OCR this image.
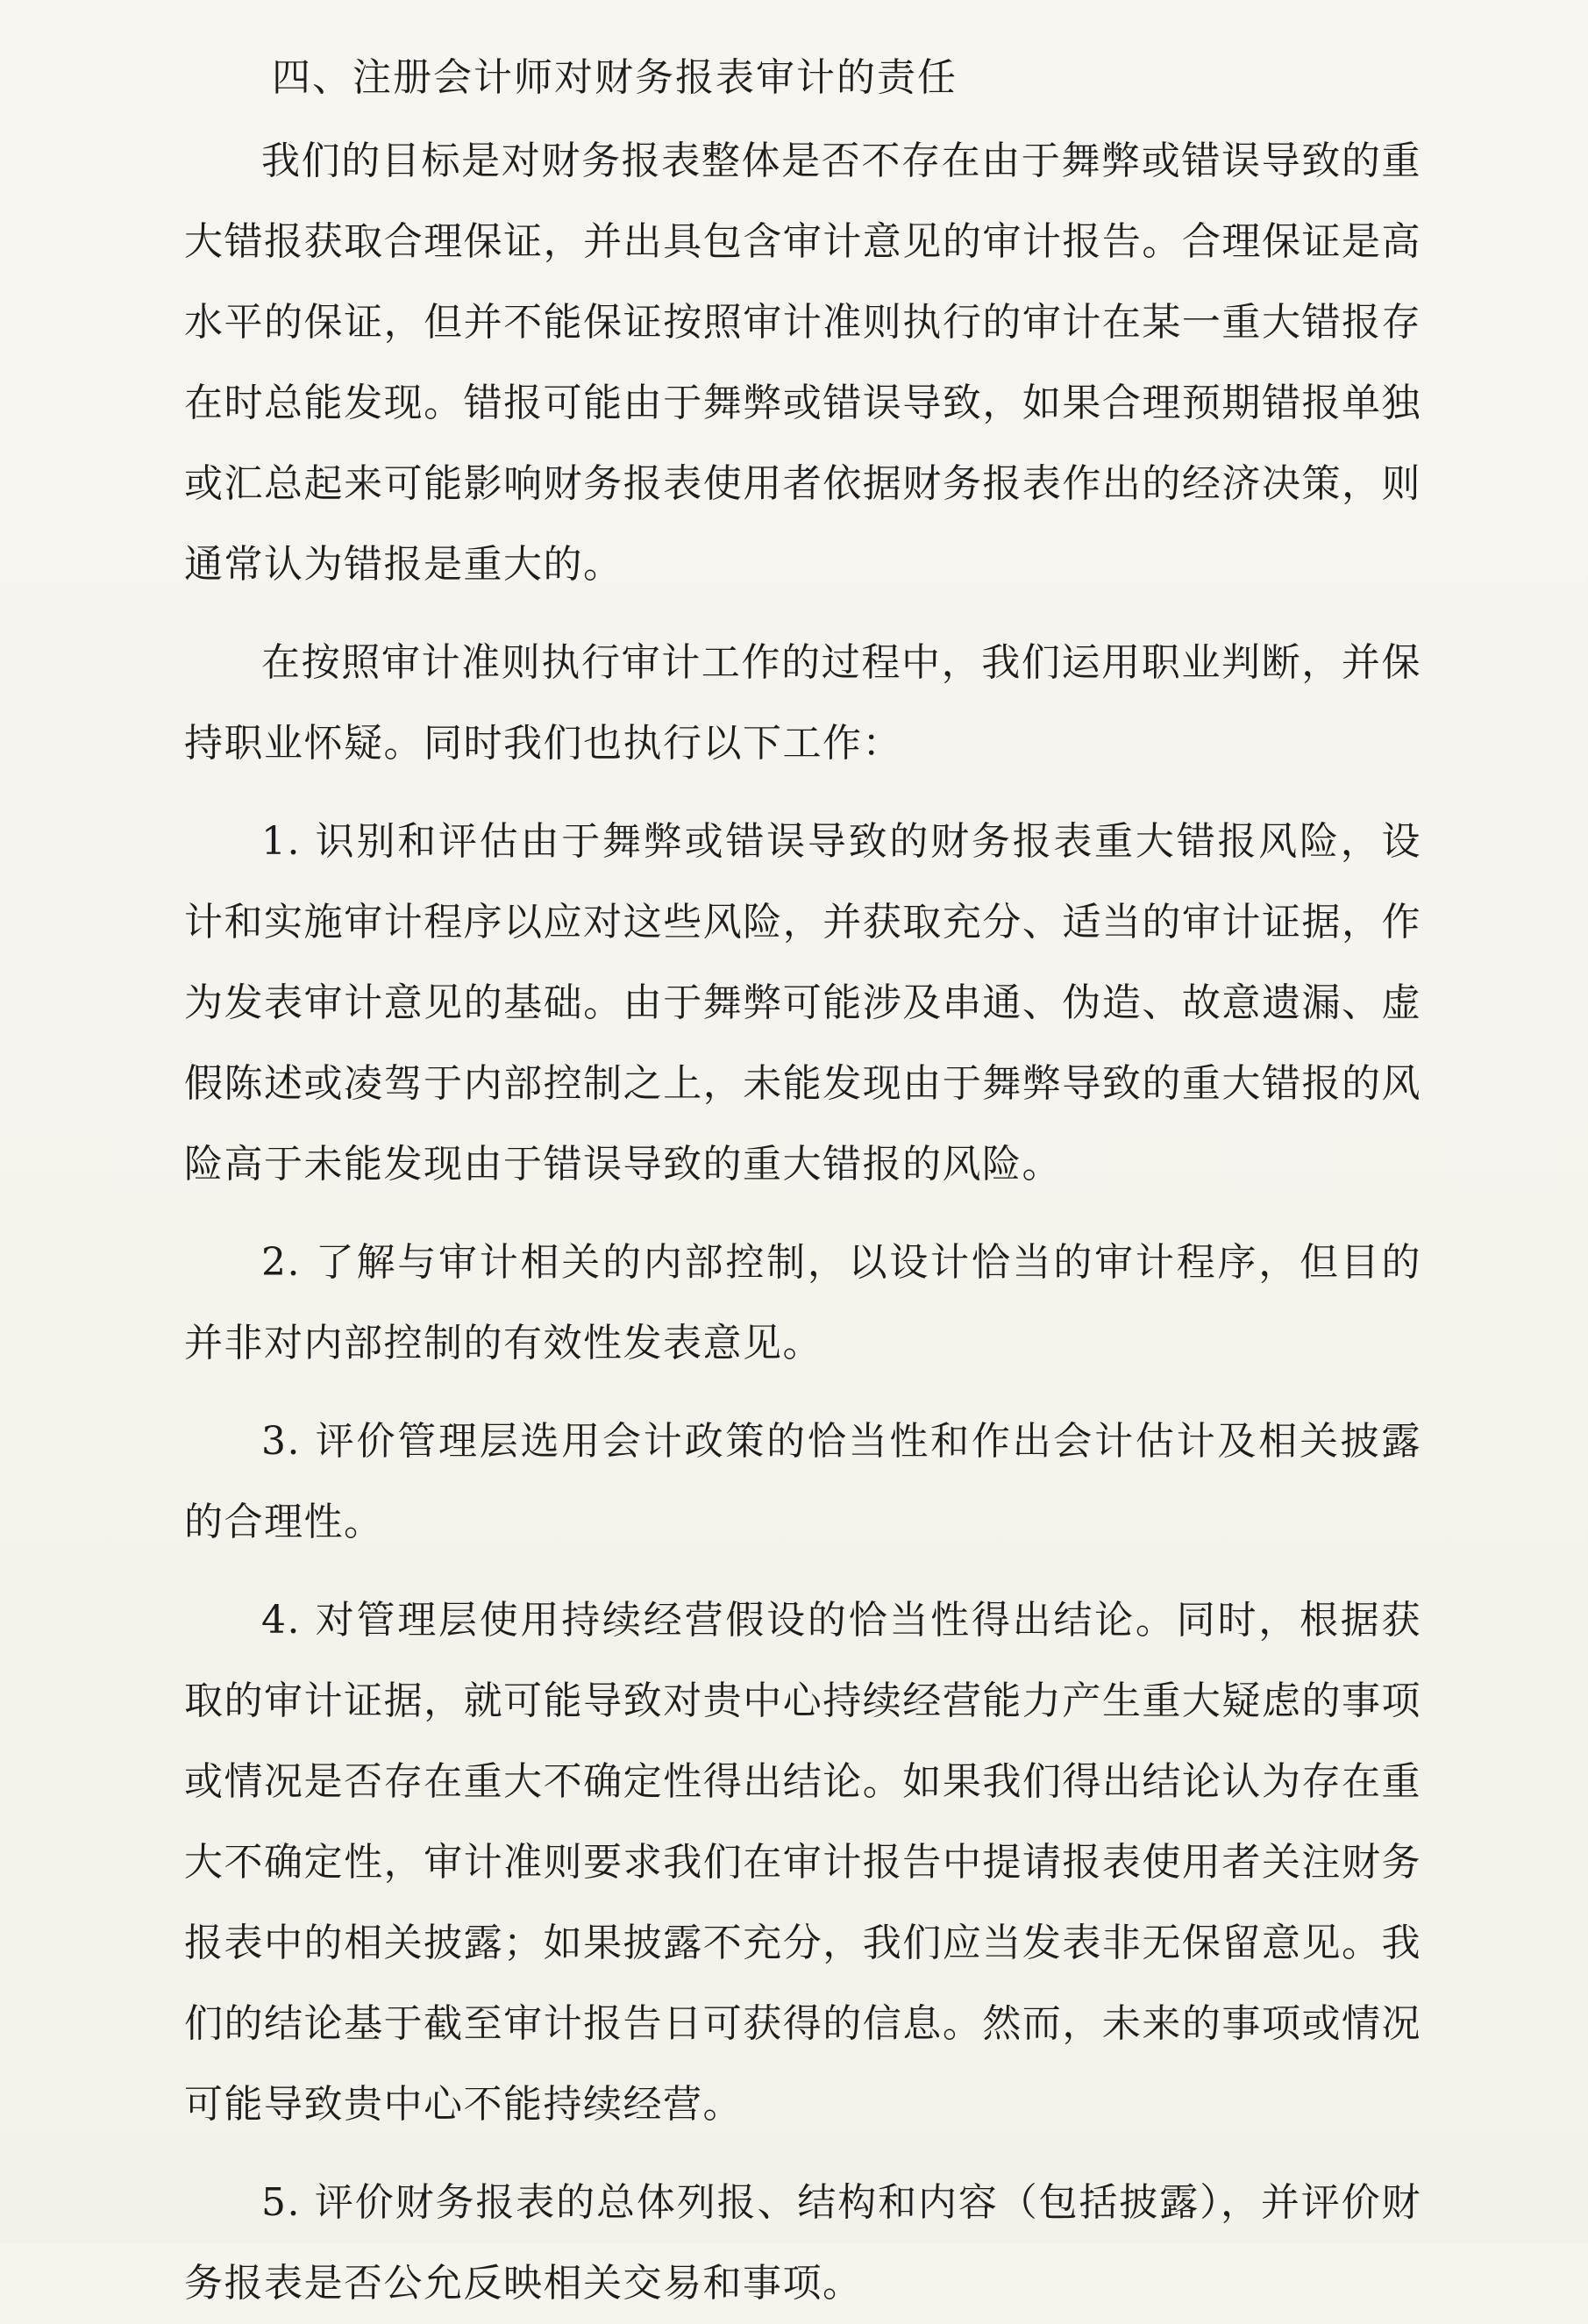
四、注册会计师对财务报表审计的责任

我们的目标是对财务报表整体是否不存在由于舞弊或错误导致的重大错报获取合理保证，并出具包含审计意见的审计报告。合理保证是高水平的保证，但并不能保证按照审计准则执行的审计在某一重大错报存在时总能发现。错报可能由于舞弊或错误导致，如果合理预期错报单独或汇总起来可能影响财务报表使用者依据财务报表作出的经济决策，则通常认为错报是重大的。

在按照审计准则执行审计工作的过程中，我们运用职业判断，并保持职业怀疑。同时我们也执行以下工作：

1. 识别和评估由于舞弊或错误导致的财务报表重大错报风险，设计和实施审计程序以应对这些风险，并获取充分、适当的审计证据，作为发表审计意见的基础。由于舞弊可能涉及串通、伪造、故意遗漏、虚假陈述或凌驾于内部控制之上，未能发现由于舞弊导致的重大错报的风险高于未能发现由于错误导致的重大错报的风险。

2. 了解与审计相关的内部控制，以设计恰当的审计程序，但目的并非对内部控制的有效性发表意见。

3. 评价管理层选用会计政策的恰当性和作出会计估计及相关披露的合理性。

4. 对管理层使用持续经营假设的恰当性得出结论。同时，根据获取的审计证据，就可能导致对贵中心持续经营能力产生重大疑虑的事项或情况是否存在重大不确定性得出结论。如果我们得出结论认为存在重大不确定性，审计准则要求我们在审计报告中提请报表使用者关注财务报表中的相关披露；如果披露不充分，我们应当发表非无保留意见。我们的结论基于截至审计报告日可获得的信息。然而，未来的事项或情况可能导致贵中心不能持续经营。

5. 评价财务报表的总体列报、结构和内容（包括披露），并评价财务报表是否公允反映相关交易和事项。
